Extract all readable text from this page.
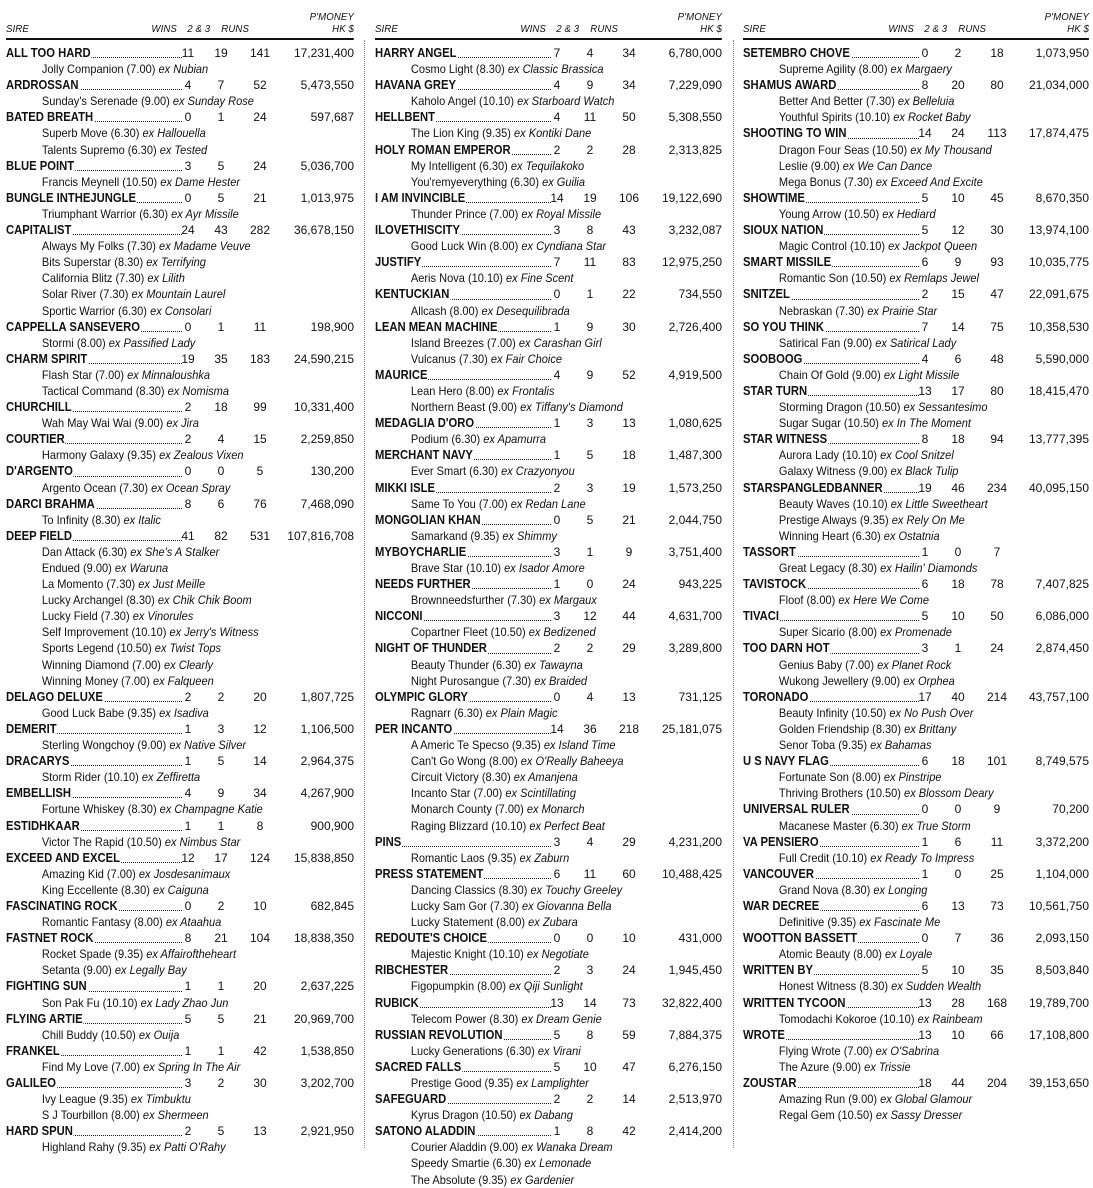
SIRE	WINS 2 & 3 RUNS
P'MONEY
HK $
ALL TOO HARD	11	19	141	17,231,400
Jolly Companion (7.00) ex Nubian
ARDROSSAN	4	7	52	5,473,550
Sunday's Serenade (9.00) ex Sunday Rose
BATED BREATH	0	1	24	597,687
Superb Move (6.30) ex Hallouella
Talents Supremo (6.30) ex Tested
BLUE POINT	3	5	24	5,036,700
Francis Meynell (10.50) ex Dame Hester
BUNGLE INTHEJUNGLE	0	5	21	1,013,975
Triumphant Warrior (6.30) ex Ayr Missile
CAPITALIST	24	43	282	36,678,150
Always My Folks (7.30) ex Madame Veuve
Bits Superstar (8.30) ex Terrifying
California Blitz (7.30) ex Lilith
Solar River (7.30) ex Mountain Laurel
Sportic Warrior (6.30) ex Consolari
CAPPELLA SANSEVERO	0	1	11	198,900
Stormi (8.00) ex Passified Lady
CHARM SPIRIT	19	35	183	24,590,215
Flash Star (7.00) ex Minnaloushka
Tactical Command (8.30) ex Nomisma
CHURCHILL	2	18	99	10,331,400
Wah May Wai Wai (9.00) ex Jira
COURTIER	2	4	15	2,259,850
Harmony Galaxy (9.35) ex Zealous Vixen
D'ARGENTO	0	0	5	130,200
Argento Ocean (7.30) ex Ocean Spray
DARCI BRAHMA	8	6	76	7,468,090
To Infinity (8.30) ex Italic
DEEP FIELD	41	82	531	107,816,708
Dan Attack (6.30) ex She's A Stalker
Endued (9.00) ex Waruna
La Momento (7.30) ex Just Meille
Lucky Archangel (8.30) ex Chik Chik Boom
Lucky Field (7.30) ex Vinorules
Self Improvement (10.10) ex Jerry's Witness
Sports Legend (10.50) ex Twist Tops
Winning Diamond (7.00) ex Clearly
Winning Money (7.00) ex Falqueen
DELAGO DELUXE	2	2	20	1,807,725
Good Luck Babe (9.35) ex Isadiva
DEMERIT	1	3	12	1,106,500
Sterling Wongchoy (9.00) ex Native Silver
DRACARYS	1	5	14	2,964,375
Storm Rider (10.10) ex Zeffiretta
EMBELLISH	4	9	34	4,267,900
Fortune Whiskey (8.30) ex Champagne Katie
ESTIDHKAAR	1	1	8	900,900
Victor The Rapid (10.50) ex Nimbus Star
EXCEED AND EXCEL	12	17	124	15,838,850
Amazing Kid (7.00) ex Josdesanimaux
King Eccellente (8.30) ex Caiguna
FASCINATING ROCK	0	2	10	682,845
Romantic Fantasy (8.00) ex Ataahua
FASTNET ROCK	8	21	104	18,838,350
Rocket Spade (9.35) ex Affairoftheheart
Setanta (9.00) ex Legally Bay
FIGHTING SUN	1	1	20	2,637,225
Son Pak Fu (10.10) ex Lady Zhao Jun
FLYING ARTIE	5	5	21	20,969,700
Chill Buddy (10.50) ex Ouija
FRANKEL	1	1	42	1,538,850
Find My Love (7.00) ex Spring In The Air
GALILEO	3	2	30	3,202,700
Ivy League (9.35) ex Timbuktu
S J Tourbillon (8.00) ex Shermeen
HARD SPUN	2	5	13	2,921,950
Highland Rahy (9.35) ex Patti O'Rahy
SIRE	WINS 2 & 3 RUNS
P'MONEY
HK $
HARRY ANGEL	7	4	34	6,780,000
Cosmo Light (8.30) ex Classic Brassica
HAVANA GREY	4	9	34	7,229,090
Kaholo Angel (10.10) ex Starboard Watch
HELLBENT	4	11	50	5,308,550
The Lion King (9.35) ex Kontiki Dane
HOLY ROMAN EMPEROR	2	2	28	2,313,825
My Intelligent (6.30) ex Tequilakoko
You'remyeverything (6.30) ex Guilia
I AM INVINCIBLE	14	19	106	19,122,690
Thunder Prince (7.00) ex Royal Missile
ILOVETHISCITY	3	8	43	3,232,087
Good Luck Win (8.00) ex Cyndiana Star
JUSTIFY	7	11	83	12,975,250
Aeris Nova (10.10) ex Fine Scent
KENTUCKIAN	0	1	22	734,550
Allcash (8.00) ex Desequilibrada
LEAN MEAN MACHINE	1	9	30	2,726,400
Island Breezes (7.00) ex Carashan Girl
Vulcanus (7.30) ex Fair Choice
MAURICE	4	9	52	4,919,500
Lean Hero (8.00) ex Frontalis
Northern Beast (9.00) ex Tiffany's Diamond
MEDAGLIA D'ORO	1	3	13	1,080,625
Podium (6.30) ex Apamurra
MERCHANT NAVY	1	5	18	1,487,300
Ever Smart (6.30) ex Crazyonyou
MIKKI ISLE	2	3	19	1,573,250
Same To You (7.00) ex Redan Lane
MONGOLIAN KHAN	0	5	21	2,044,750
Samarkand (9.35) ex Shimmy
MYBOYCHARLIE	3	1	9	3,751,400
Brave Star (10.10) ex Isador Amore
NEEDS FURTHER	1	0	24	943,225
Brownneedsfurther (7.30) ex Margaux
NICCONI	3	12	44	4,631,700
Copartner Fleet (10.50) ex Bedizened
NIGHT OF THUNDER	2	2	29	3,289,800
Beauty Thunder (6.30) ex Tawayna
Night Purosangue (7.30) ex Braided
OLYMPIC GLORY	0	4	13	731,125
Ragnarr (6.30) ex Plain Magic
PER INCANTO	14	36	218	25,181,075
A Americ Te Specso (9.35) ex Island Time
Can't Go Wong (8.00) ex O'Really Baheeya
Circuit Victory (8.30) ex Amanjena
Incanto Star (7.00) ex Scintillating
Monarch County (7.00) ex Monarch
Raging Blizzard (10.10) ex Perfect Beat
PINS	3	4	29	4,231,200
Romantic Laos (9.35) ex Zaburn
PRESS STATEMENT	6	11	60	10,488,425
Dancing Classics (8.30) ex Touchy Greeley
Lucky Sam Gor (7.30) ex Giovanna Bella
Lucky Statement (8.00) ex Zubara
REDOUTE'S CHOICE	0	0	10	431,000
Majestic Knight (10.10) ex Negotiate
RIBCHESTER	2	3	24	1,945,450
Figopumpkin (8.00) ex Qiji Sunlight
RUBICK	13	14	73	32,822,400
Telecom Power (8.30) ex Dream Genie
RUSSIAN REVOLUTION	5	8	59	7,884,375
Lucky Generations (6.30) ex Virani
SACRED FALLS	5	10	47	6,276,150
Prestige Good (9.35) ex Lamplighter
SAFEGUARD	2	2	14	2,513,970
Kyrus Dragon (10.50) ex Dabang
SATONO ALADDIN	1	8	42	2,414,200
Courier Aladdin (9.00) ex Wanaka Dream
Speedy Smartie (6.30) ex Lemonade
The Absolute (9.35) ex Gardenier
SIRE	WINS 2 & 3 RUNS
P'MONEY
HK $
SETEMBRO CHOVE	0	2	18	1,073,950
Supreme Agility (8.00) ex Margaery
SHAMUS AWARD	8	20	80	21,034,000
Better And Better (7.30) ex Belleluia
Youthful Spirits (10.10) ex Rocket Baby
SHOOTING TO WIN	14	24	113	17,874,475
Dragon Four Seas (10.50) ex My Thousand
Leslie (9.00) ex We Can Dance
Mega Bonus (7.30) ex Exceed And Excite
SHOWTIME	5	10	45	8,670,350
Young Arrow (10.50) ex Hediard
SIOUX NATION	5	12	30	13,974,100
Magic Control (10.10) ex Jackpot Queen
SMART MISSILE	6	9	93	10,035,775
Romantic Son (10.50) ex Remlaps Jewel
SNITZEL	2	15	47	22,091,675
Nebraskan (7.30) ex Prairie Star
SO YOU THINK	7	14	75	10,358,530
Satirical Fan (9.00) ex Satirical Lady
SOOBOOG	4	6	48	5,590,000
Chain Of Gold (9.00) ex Light Missile
STAR TURN	13	17	80	18,415,470
Storming Dragon (10.50) ex Sessantesimo
Sugar Sugar (10.50) ex In The Moment
STAR WITNESS	8	18	94	13,777,395
Aurora Lady (10.10) ex Cool Snitzel
Galaxy Witness (9.00) ex Black Tulip
STARSPANGLEDBANNER	19	46	234	40,095,150
Beauty Waves (10.10) ex Little Sweetheart
Prestige Always (9.35) ex Rely On Me
Winning Heart (6.30) ex Ostatnia
TASSORT	1	0	7
Great Legacy (8.30) ex Hailin' Diamonds
TAVISTOCK	6	18	78	7,407,825
Floof (8.00) ex Here We Come
TIVACI	5	10	50	6,086,000
Super Sicario (8.00) ex Promenade
TOO DARN HOT	3	1	24	2,874,450
Genius Baby (7.00) ex Planet Rock
Wukong Jewellery (9.00) ex Orphea
TORONADO	17	40	214	43,757,100
Beauty Infinity (10.50) ex No Push Over
Golden Friendship (8.30) ex Brittany
Senor Toba (9.35) ex Bahamas
U S NAVY FLAG	6	18	101	8,749,575
Fortunate Son (8.00) ex Pinstripe
Thriving Brothers (10.50) ex Blossom Deary
UNIVERSAL RULER	0	0	9	70,200
Macanese Master (6.30) ex True Storm
VA PENSIERO	1	6	11	3,372,200
Full Credit (10.10) ex Ready To Impress
VANCOUVER	1	0	25	1,104,000
Grand Nova (8.30) ex Longing
WAR DECREE	6	13	73	10,561,750
Definitive (9.35) ex Fascinate Me
WOOTTON BASSETT	0	7	36	2,093,150
Atomic Beauty (8.00) ex Loyale
WRITTEN BY	5	10	35	8,503,840
Honest Witness (8.30) ex Sudden Wealth
WRITTEN TYCOON	13	28	168	19,789,700
Tomodachi Kokoroe (10.10) ex Rainbeam
WROTE	13	10	66	17,108,800
Flying Wrote (7.00) ex O'Sabrina
The Azure (9.00) ex Trissie
ZOUSTAR	18	44	204	39,153,650
Amazing Run (9.00) ex Global Glamour
Regal Gem (10.50) ex Sassy Dresser
